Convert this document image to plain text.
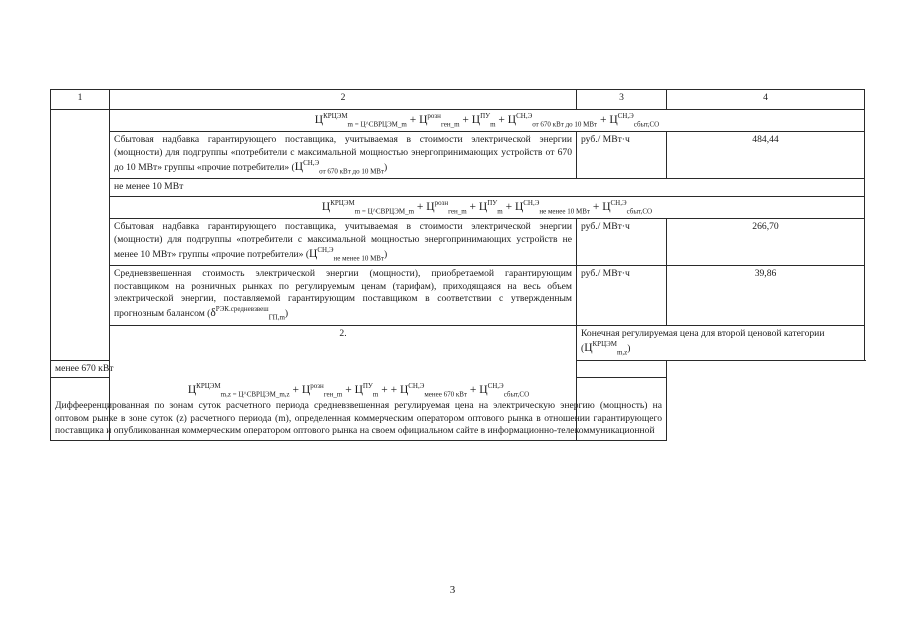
1	2	3	4
	$Ц^{КРЦЭМ}_{m = Ц\^{}СВРЦЭМ\_m} + Ц^{розн}_{ген\_m} + Ц^{ПУ}_m + Ц^{СН,Э}_{от 670 кВт до 10 МВт} + Ц^{СН,Э}_{сбыт,СО}$
	Сбытовая надбавка гарантирующего поставщика, учитываемая в стоимости электрической энергии (мощности) для подгруппы «потребители с максимальной мощностью энергопринимающих устройств от 670 до 10 МВт» группы «прочие потребители» $(Ц^{СН,Э}_{от 670 кВт до 10 МВт})$	руб./ МВт·ч	484,44
	не менее 10 МВт		
	$Ц^{КРЦЭМ}_{m = Ц\^{}СВРЦЭМ\_m} + Ц^{розн}_{ген\_m} + Ц^{ПУ}_m + Ц^{СН,Э}_{не менее 10 МВт} + Ц^{СН,Э}_{сбыт,СО}$
	Сбытовая надбавка гарантирующего поставщика, учитываемая в стоимости электрической энергии (мощности) для подгруппы «потребители с максимальной мощностью энергопринимающих устройств не менее 10 МВт» группы «прочие потребители» $(Ц^{СН,Э}_{не менее 10 МВт})$	руб./ МВт·ч	266,70
	Средневзвешенная стоимость электрической энергии (мощности), приобретаемой гарантирующим поставщиком на розничных рынках по регулируемым ценам (тарифам), приходящаяся на весь объем электрической энергии, поставляемой гарантирующим поставщиком в соответствии с утвержденным прогнозным балансом $(\delta^{РЭК.средневзвеш}_{ГП,m})$	руб./ МВт·ч	39,86
	2.	Конечная регулируемая цена для второй ценовой категории $(Ц^{КРЦЭМ}_{m,z})$	
менее 670 кВт			

$Ц^{КРЦЭМ}_{m,z = Ц\^{}СВРЦЭМ\_m,z} + Ц^{розн}_{ген\_m} + Ц^{ПУ}_m$ + + $Ц^{СН,Э}_{менее 670 кВт} + Ц^{СН,Э}_{сбыт,СО}$
Диффееренцированная по зонам суток расчетного периода средневзвешенная регулируемая цена на электрическую энергию (мощность) на оптовом рынке в зоне суток (z) расчетного периода (m), определенная коммерческим оператором оптового рынка в отношении гарантирующего поставщика и опубликованная коммерческим оператором оптового рынка на своем официальном сайте в информационно-телекоммуникационной			
3
